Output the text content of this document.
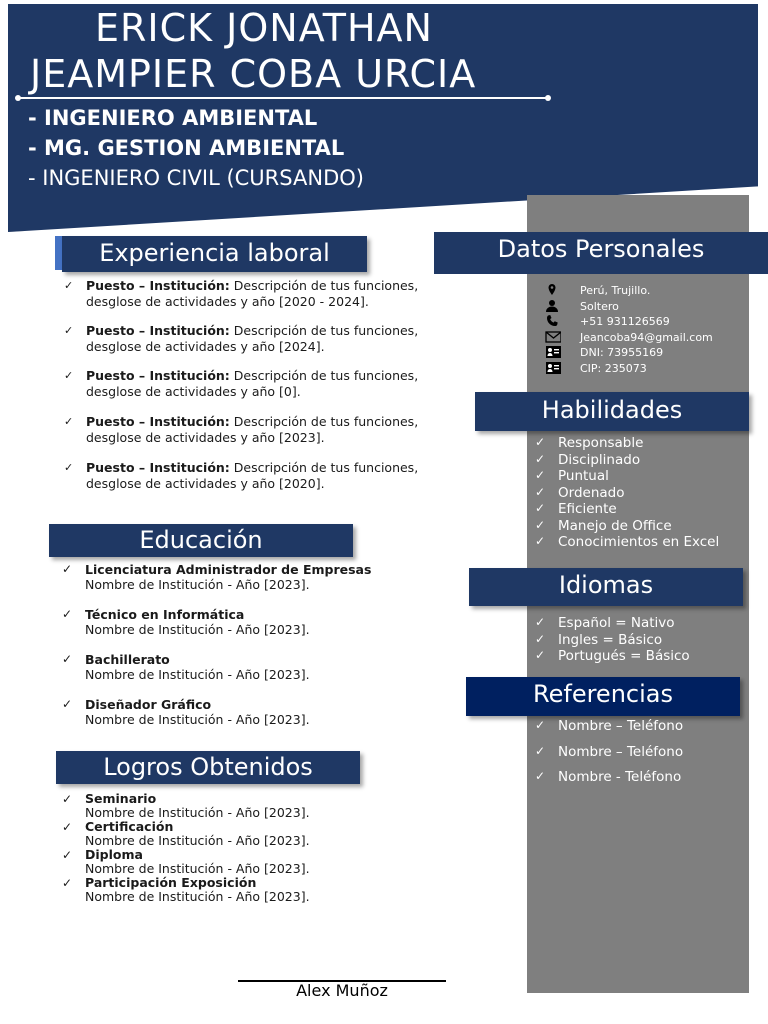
ERICK JONATHAN
JEAMPIER COBA URCIA
- INGENIERO AMBIENTAL
- MG. GESTION AMBIENTAL
- INGENIERO CIVIL (CURSANDO)
Experiencia laboral
Educación
Logros Obtenidos
Datos Personales
Habilidades
Idiomas
Referencias
✓ Puesto – Institución: Descripción de tus funciones,
desglose de actividades y año [2020 - 2024].
✓ Puesto – Institución: Descripción de tus funciones,
desglose de actividades y año [2024].
✓ Puesto – Institución: Descripción de tus funciones,
desglose de actividades y año [0].
✓ Puesto – Institución: Descripción de tus funciones,
desglose de actividades y año [2023].
✓ Puesto – Institución: Descripción de tus funciones,
desglose de actividades y año [2020].
✓ Licenciatura Administrador de Empresas
Nombre de Institución - Año [2023].
✓ Técnico en Informática
Nombre de Institución - Año [2023].
✓ Bachillerato
Nombre de Institución - Año [2023].
✓ Diseñador Gráfico
Nombre de Institución - Año [2023].
✓ Seminario
Nombre de Institución - Año [2023].
✓ Certificación
Nombre de Institución - Año [2023].
✓ Diploma
Nombre de Institución - Año [2023].
✓ Participación Exposición
Nombre de Institución - Año [2023].
Perú, Trujillo.
Soltero
+51 931126569
Jeancoba94@gmail.com
DNI: 73955169
CIP: 235073
✓ Responsable
✓ Disciplinado
✓ Puntual
✓ Ordenado
✓ Eficiente
✓ Manejo de Office
✓ Conocimientos en Excel
✓ Español = Nativo
✓ Ingles = Básico
✓ Portugués = Básico
✓ Nombre – Teléfono
✓ Nombre – Teléfono
✓ Nombre - Teléfono
Alex Muñoz
